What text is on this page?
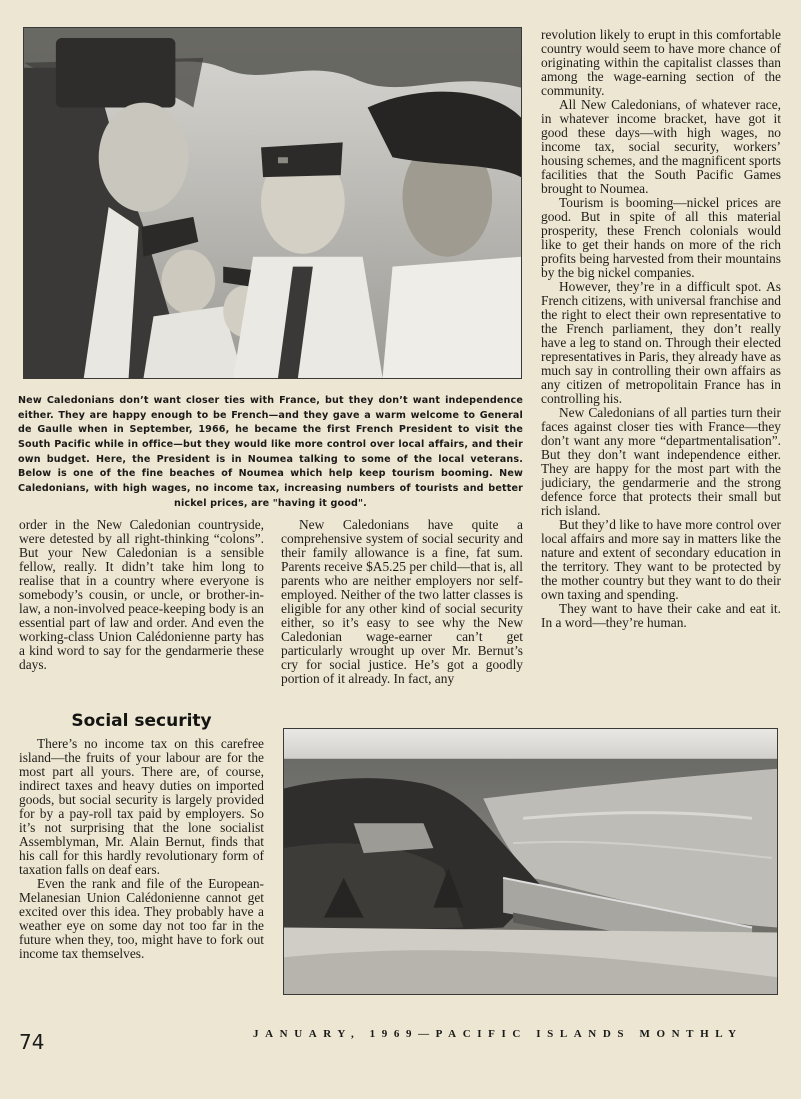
New Caledonians don’t want closer ties with France, but they don’t want independence either. They are happy enough to be French—and they gave a warm welcome to General de Gaulle when in September, 1966, he became the first French President to visit the South Pacific while in office—but they would like more control over local affairs, and their own budget. Here, the President is in Noumea talking to some of the local veterans. Below is one of the fine beaches of Noumea which help keep tourism booming. New Caledonians, with high wages, no income tax, increasing numbers of tourists and better nickel prices, are "having it good".

order in the New Caledonian countryside, were detested by all right-thinking “colons”. But your New Caledonian is a sensible fellow, really. It didn’t take him long to realise that in a country where everyone is somebody’s cousin, or uncle, or brother-in-law, a non-involved peace-keeping body is an essential part of law and order. And even the working-class Union Calédonienne party has a kind word to say for the gendarmerie these days.

Social security

There’s no income tax on this carefree island—the fruits of your labour are for the most part all yours. There are, of course, indirect taxes and heavy duties on imported goods, but social security is largely provided for by a pay-roll tax paid by employers. So it’s not surprising that the lone socialist Assemblyman, Mr. Alain Bernut, finds that his call for this hardly revolutionary form of taxation falls on deaf ears.

Even the rank and file of the European-Melanesian Union Calédonienne cannot get excited over this idea. They probably have a weather eye on some day not too far in the future when they, too, might have to fork out income tax themselves.

New Caledonians have quite a comprehensive system of social security and their family allowance is a fine, fat sum. Parents receive $A5.25 per child—that is, all parents who are neither employers nor self-employed. Neither of the two latter classes is eligible for any other kind of social security either, so it’s easy to see why the New Caledonian wage-earner can’t get particularly wrought up over Mr. Bernut’s cry for social justice. He’s got a goodly portion of it already. In fact, any

revolution likely to erupt in this comfortable country would seem to have more chance of originating within the capitalist classes than among the wage-earning section of the community.

All New Caledonians, of whatever race, in whatever income bracket, have got it good these days—with high wages, no income tax, social security, workers’ housing schemes, and the magnificent sports facilities that the South Pacific Games brought to Noumea.

Tourism is booming—nickel prices are good. But in spite of all this material prosperity, these French colonials would like to get their hands on more of the rich profits being harvested from their mountains by the big nickel companies.

However, they’re in a difficult spot. As French citizens, with universal franchise and the right to elect their own representative to the French parliament, they don’t really have a leg to stand on. Through their elected representatives in Paris, they already have as much say in controlling their own affairs as any citizen of metropolitain France has in controlling his.

New Caledonians of all parties turn their faces against closer ties with France—they don’t want any more “departmentalisation”. But they don’t want independence either. They are happy for the most part with the judiciary, the gendarmerie and the strong defence force that protects their small but rich island.

But they’d like to have more control over local affairs and more say in matters like the nature and extent of secondary education in the territory. They want to be protected by the mother country but they want to do their own taxing and spending.

They want to have their cake and eat it. In a word—they’re human.

74	JANUARY, 1969—PACIFIC ISLANDS MONTHLY
